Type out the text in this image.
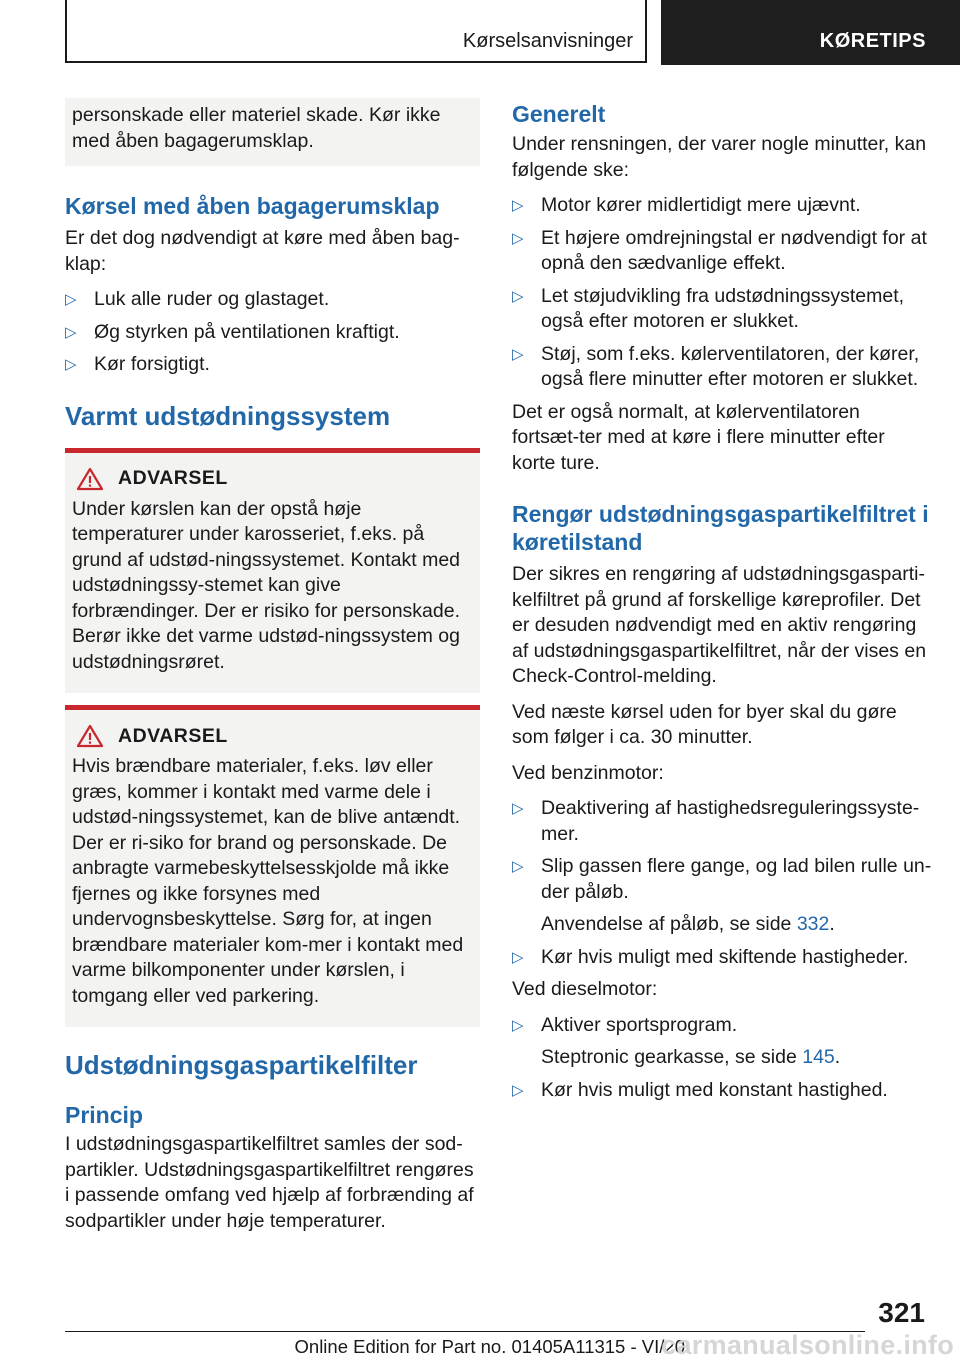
Kørselsanvisninger	KØRETIPS

personskade eller materiel skade. Kør ikke med åben bagagerumsklap.

Kørsel med åben bagagerumsklap

Er det dog nødvendigt at køre med åben bag-klap:

▷ Luk alle ruder og glastaget.
▷ Øg styrken på ventilationen kraftigt.
▷ Kør forsigtigt.
Varmt udstødningssystem
ADVARSEL

Under kørslen kan der opstå høje temperaturer under karosseriet, f.eks. på grund af udstød-ningssystemet. Kontakt med udstødningssy-stemet kan give forbrændinger. Der er risiko for personskade. Berør ikke det varme udstød-ningssystem og udstødningsrøret.

ADVARSEL

Hvis brændbare materialer, f.eks. løv eller græs, kommer i kontakt med varme dele i udstød-ningssystemet, kan de blive antændt. Der er ri-siko for brand og personskade. De anbragte varmebeskyttelsesskjolde må ikke fjernes og ikke forsynes med undervognsbeskyttelse. Sørg for, at ingen brændbare materialer kom-mer i kontakt med varme bilkomponenter under kørslen, i tomgang eller ved parkering.

Udstødningsgaspartikelfilter
Princip

I udstødningsgaspartikelfiltret samles der sod-partikler. Udstødningsgaspartikelfiltret rengøres i passende omfang ved hjælp af forbrænding af sodpartikler under høje temperaturer.

Generelt

Under rensningen, der varer nogle minutter, kan følgende ske:

▷ Motor kører midlertidigt mere ujævnt.
▷ Et højere omdrejningstal er nødvendigt for at opnå den sædvanlige effekt.
▷ Let støjudvikling fra udstødningssystemet, også efter motoren er slukket.
▷ Støj, som f.eks. kølerventilatoren, der kører, også flere minutter efter motoren er slukket.

Det er også normalt, at kølerventilatoren fortsæt-ter med at køre i flere minutter efter korte ture.

Rengør udstødningsgaspartikelfiltret i køretilstand

Der sikres en rengøring af udstødningsgasparti-kelfiltret på grund af forskellige køreprofiler. Det er desuden nødvendigt med en aktiv rengøring af udstødningsgaspartikelfiltret, når der vises en Check-Control-melding.

Ved næste kørsel uden for byer skal du gøre som følger i ca. 30 minutter.

Ved benzinmotor:

▷ Deaktivering af hastighedsreguleringssyste-mer.
▷ Slip gassen flere gange, og lad bilen rulle un-der påløb.
Anvendelse af påløb, se side 332.
▷ Kør hvis muligt med skiftende hastigheder.

Ved dieselmotor:

▷ Aktiver sportsprogram.
Steptronic gearkasse, se side 145.
▷ Kør hvis muligt med konstant hastighed.
321
Online Edition for Part no. 01405A11315 - VI/20
carmanualsonline.info
